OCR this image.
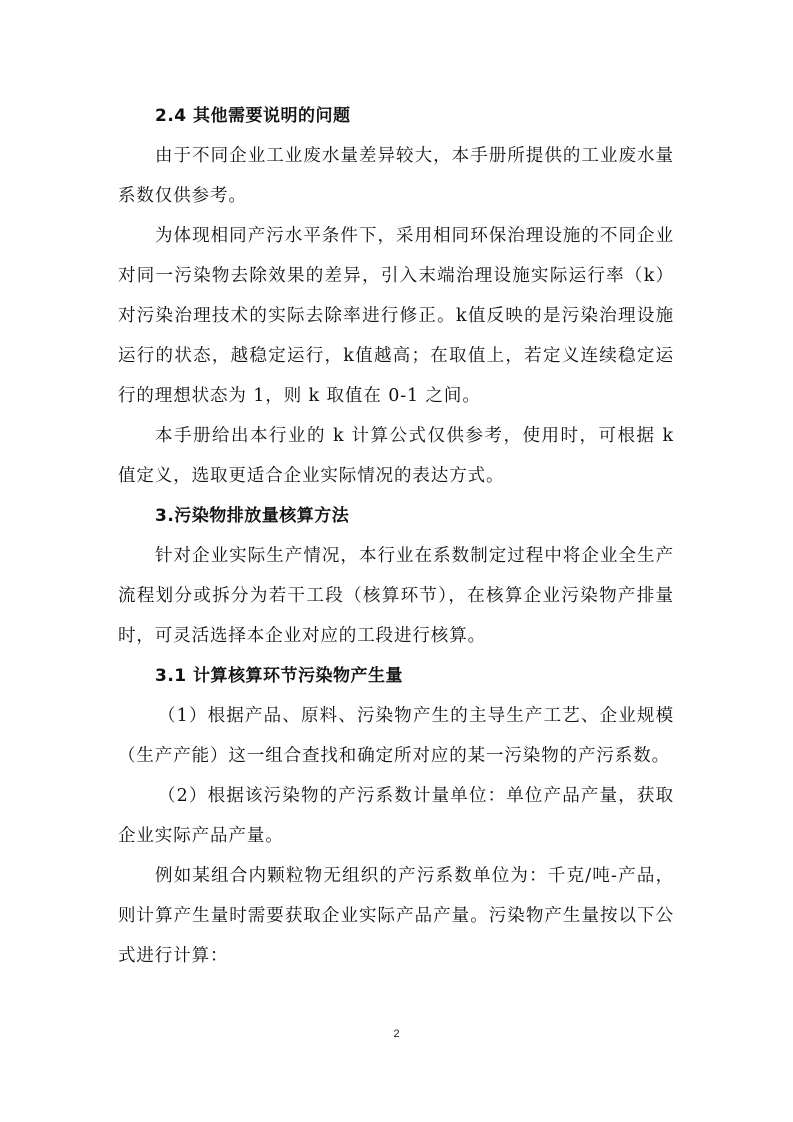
2.4 其他需要说明的问题

由于不同企业工业废水量差异较大，本手册所提供的工业废水量系数仅供参考。

为体现相同产污水平条件下，采用相同环保治理设施的不同企业对同一污染物去除效果的差异，引入末端治理设施实际运行率（k）对污染治理技术的实际去除率进行修正。k值反映的是污染治理设施运行的状态，越稳定运行，k值越高；在取值上，若定义连续稳定运行的理想状态为 1，则 k 取值在 0-1 之间。

本手册给出本行业的 k 计算公式仅供参考，使用时，可根据 k 值定义，选取更适合企业实际情况的表达方式。

3.污染物排放量核算方法

针对企业实际生产情况，本行业在系数制定过程中将企业全生产流程划分或拆分为若干工段（核算环节），在核算企业污染物产排量时，可灵活选择本企业对应的工段进行核算。

3.1 计算核算环节污染物产生量

（1）根据产品、原料、污染物产生的主导生产工艺、企业规模（生产产能）这一组合查找和确定所对应的某一污染物的产污系数。

（2）根据该污染物的产污系数计量单位：单位产品产量，获取企业实际产品产量。

例如某组合内颗粒物无组织的产污系数单位为：千克/吨-产品，则计算产生量时需要获取企业实际产品产量。污染物产生量按以下公式进行计算：

2
